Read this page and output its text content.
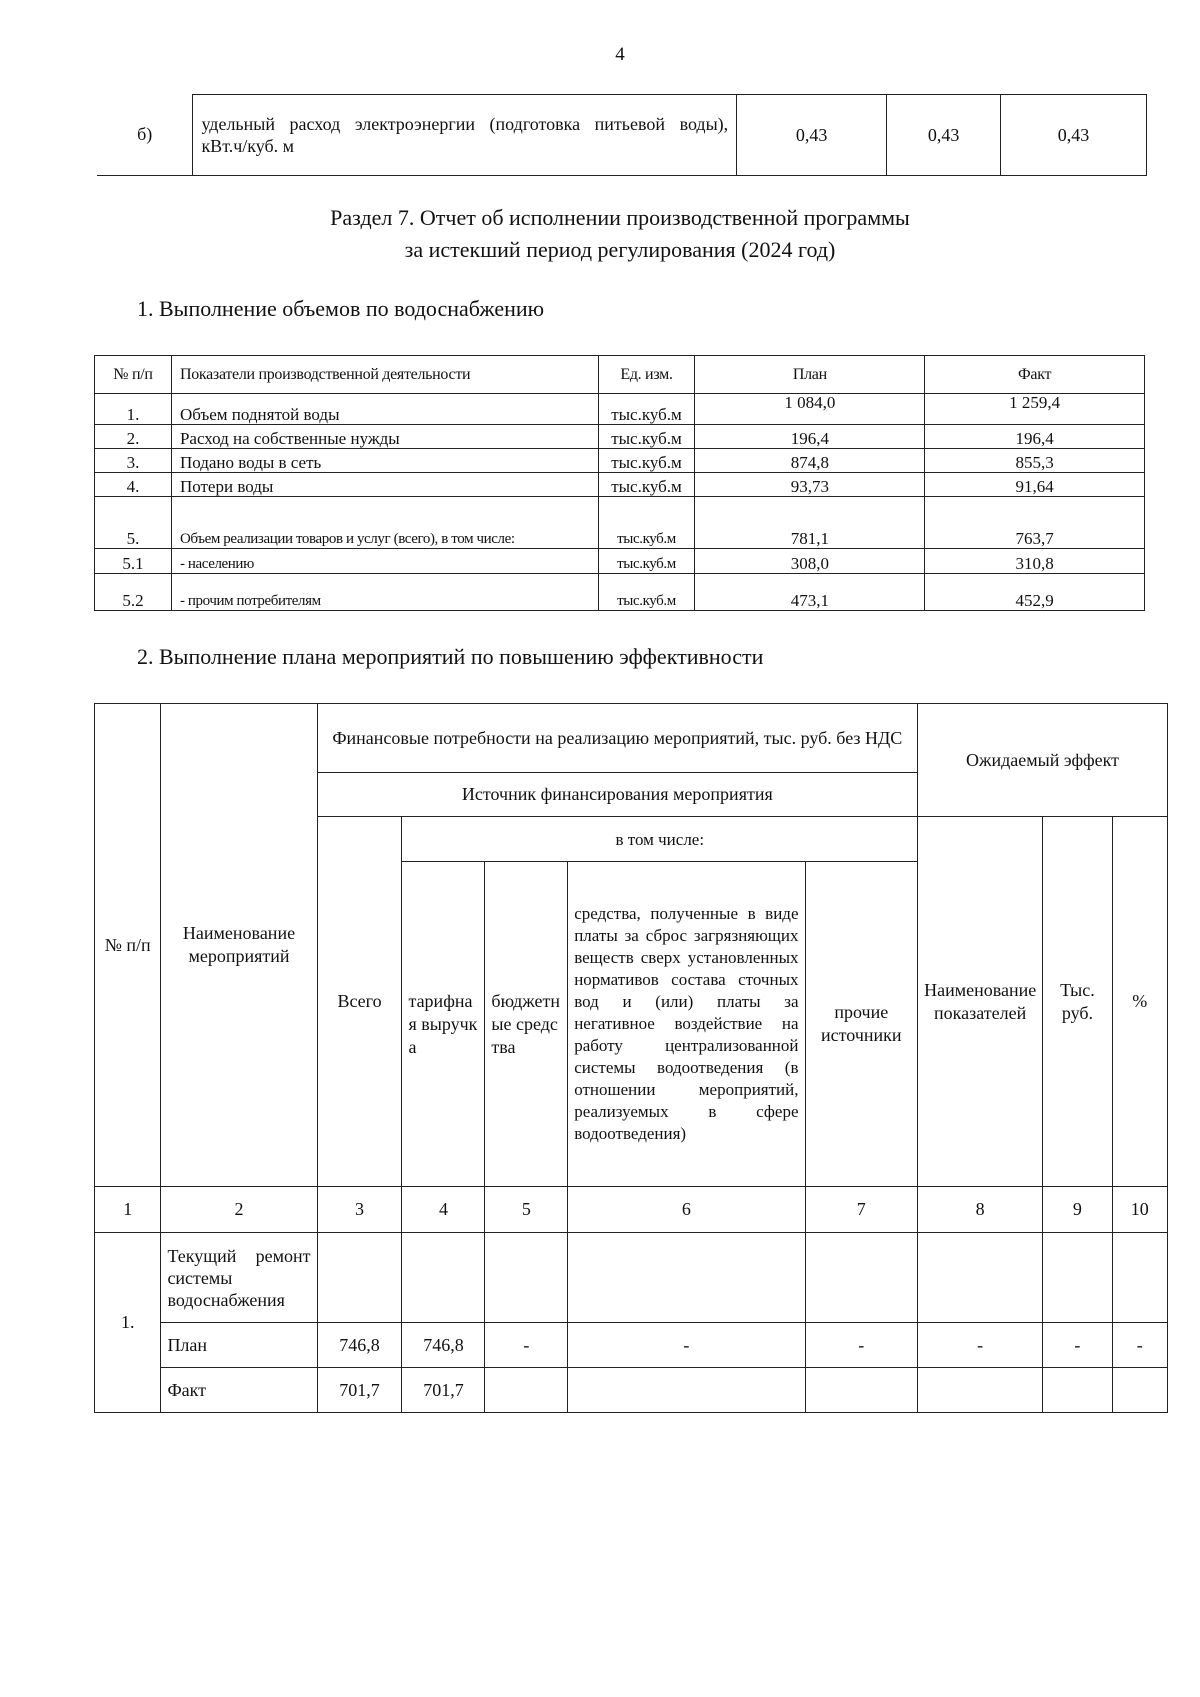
4
б)	удельный расход электроэнергии (подготовка питьевой воды), кВт.ч/куб. м	0,43	0,43	0,43
Раздел 7. Отчет об исполнении производственной программы
за истекший период регулирования (2024 год)
1. Выполнение объемов по водоснабжению
№ п/п	Показатели производственной деятельности	Ед. изм.	План	Факт
1.	Объем поднятой воды	тыс.куб.м	1 084,0	1 259,4
2.	Расход на собственные нужды	тыс.куб.м	196,4	196,4
3.	Подано воды в сеть	тыс.куб.м	874,8	855,3
4.	Потери воды	тыс.куб.м	93,73	91,64
5.	Объем реализации товаров и услуг (всего), в том числе:	тыс.куб.м	781,1	763,7
5.1	- населению	тыс.куб.м	308,0	310,8
5.2	- прочим потребителям	тыс.куб.м	473,1	452,9
2. Выполнение плана мероприятий по повышению эффективности
№ п/п	Наименование мероприятий	Финансовые потребности на реализацию мероприятий, тыс. руб. без НДС					Ожидаемый эффект		
		Источник финансирования мероприятия							
		Всего	в том числе:				Наименование показателей	Тыс. руб.	%
			тарифная выручка	бюджетные средства	средства, полученные в виде платы за сброс загрязняющих веществ сверх установленных нормативов состава сточных вод и (или) платы за негативное воздействие на работу централизованной системы водоотведения (в отношении мероприятий, реализуемых в сфере водоотведения)	прочие источники			
1	2	3	4	5	6	7	8	9	10
1.	Текущий ремонт системы водоснабжения								
	План	746,8	746,8	-	-	-	-	-	-
	Факт	701,7	701,7						
